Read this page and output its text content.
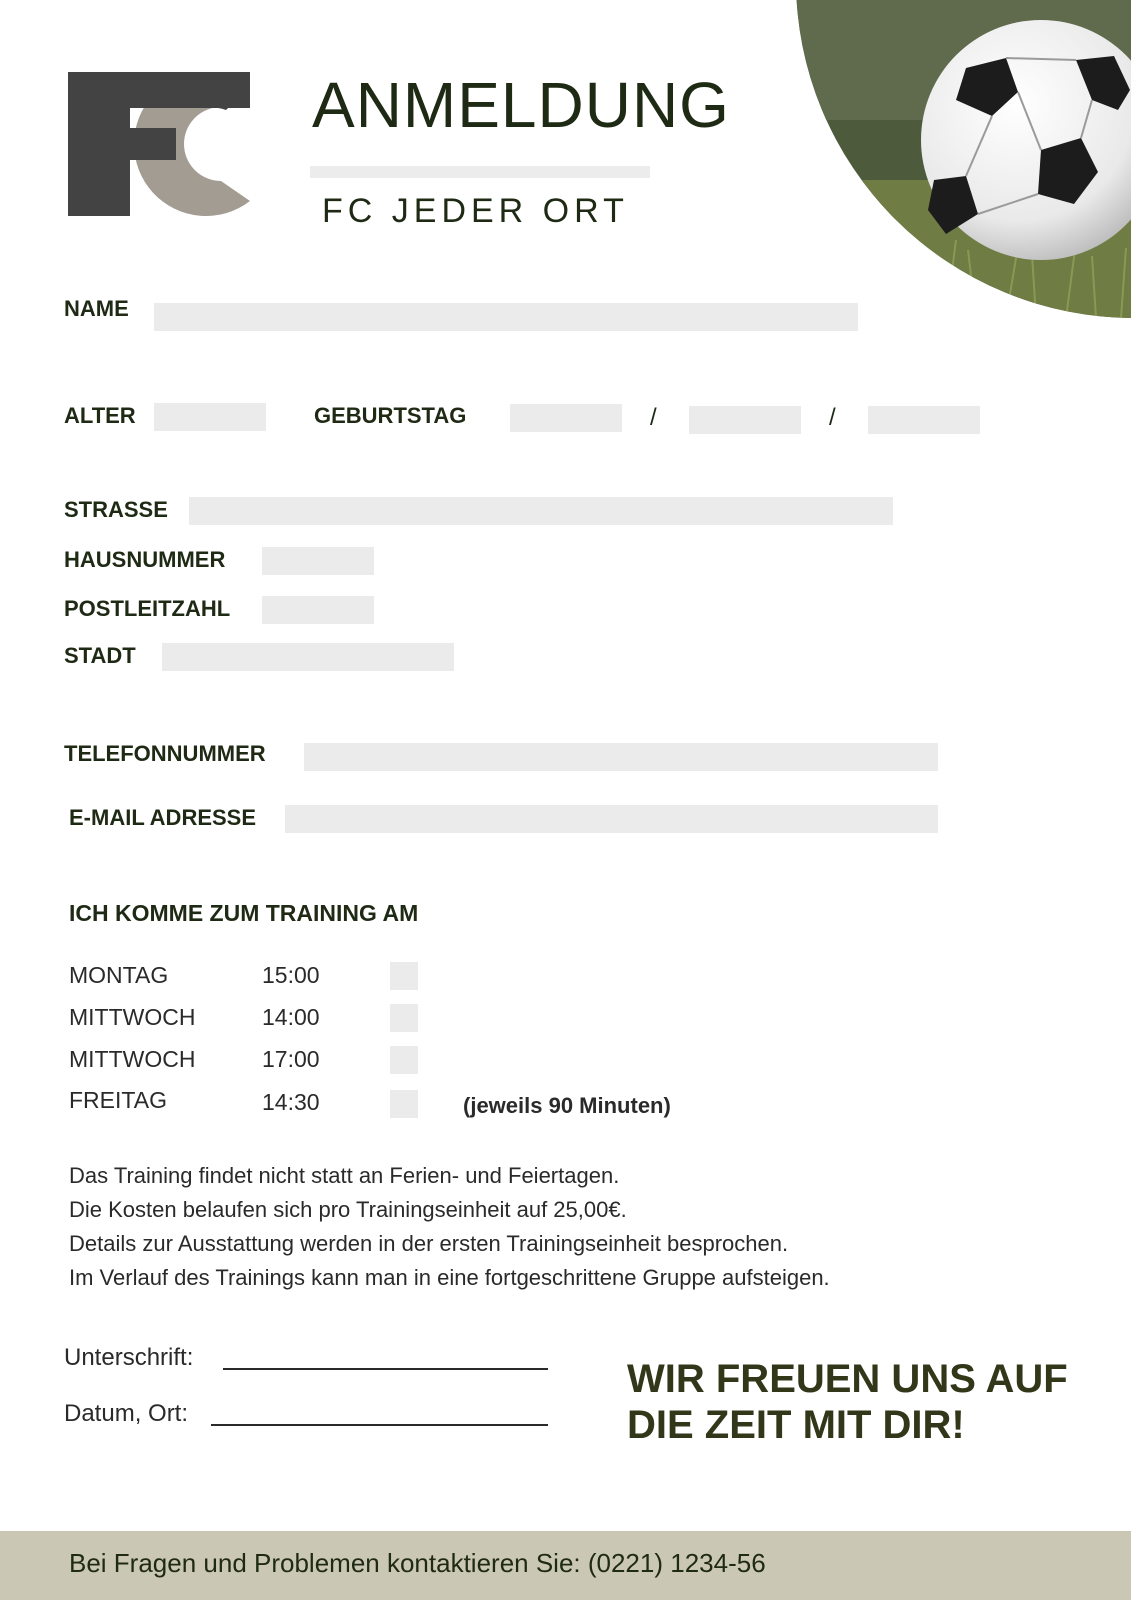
ANMELDUNG
FC JEDER ORT
NAME
ALTER	GEBURTSTAG	/	/
STRASSE
HAUSNUMMER
POSTLEITZAHL
STADT
TELEFONNUMMER
E-MAIL ADRESSE
ICH KOMME ZUM TRAINING AM
MONTAG	15:00
MITTWOCH	14:00
MITTWOCH	17:00
FREITAG	14:30	(jeweils 90 Minuten)
Das Training findet nicht statt an Ferien- und Feiertagen.
Die Kosten belaufen sich pro Trainingseinheit auf 25,00€.
Details zur Ausstattung werden in der ersten Trainingseinheit besprochen.
Im Verlauf des Trainings kann man in eine fortgeschrittene Gruppe aufsteigen.
Unterschrift:
Datum, Ort:
WIR FREUEN UNS AUF
DIE ZEIT MIT DIR!
Bei Fragen und Problemen kontaktieren Sie: (0221) 1234-56
